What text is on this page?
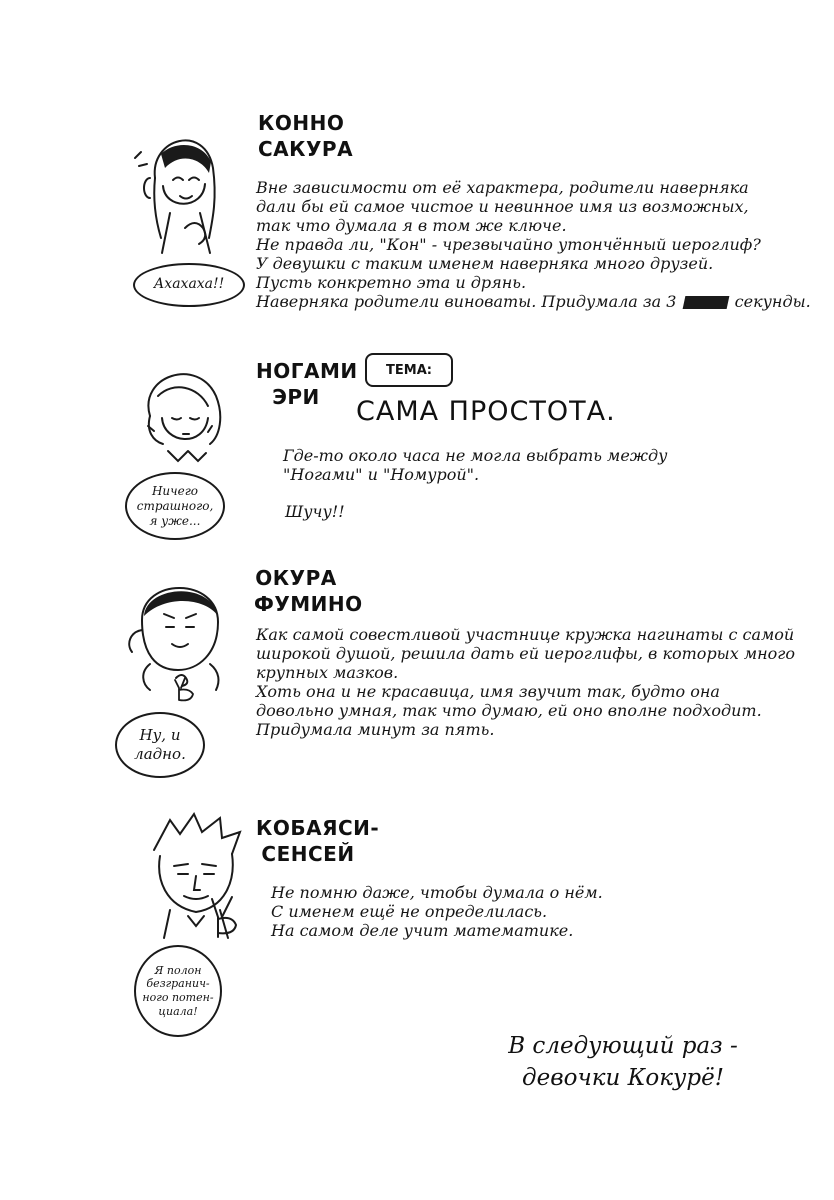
Ахахаха!!
КОННО
САКУРА
Вне зависимости от её характера, родители наверняка
дали бы ей самое чистое и невинное имя из возможных,
так что думала я в том же ключе.
Не правда ли, "Кон" - чрезвычайно утончённый иероглиф?
У девушки с таким именем наверняка много друзей.
Пусть конкретно эта и дрянь.
Наверняка родители виноваты. Придумала за 3	секунды.
Ничего
страшного,
я уже...
НОГАМИ
ЭРИ
ТЕМА:
САМА ПРОСТОТА.
Где-то около часа не могла выбрать между
"Ногами" и "Номурой".
Шучу!!
Ну, и
ладно.
ОКУРА
ФУМИНО
Как самой совестливой участнице кружка нагинаты с самой
широкой душой, решила дать ей иероглифы, в которых много
крупных мазков.
Хоть она и не красавица, имя звучит так, будто она
довольно умная, так что думаю, ей оно вполне подходит.
Придумала минут за пять.
Я полон
безгранич-
ного потен-
циала!
КОБАЯСИ-
СЕНСЕЙ
Не помню даже, чтобы думала о нём.
С именем ещё не определилась.
На самом деле учит математике.
В следующий раз -
девочки Кокурё!
